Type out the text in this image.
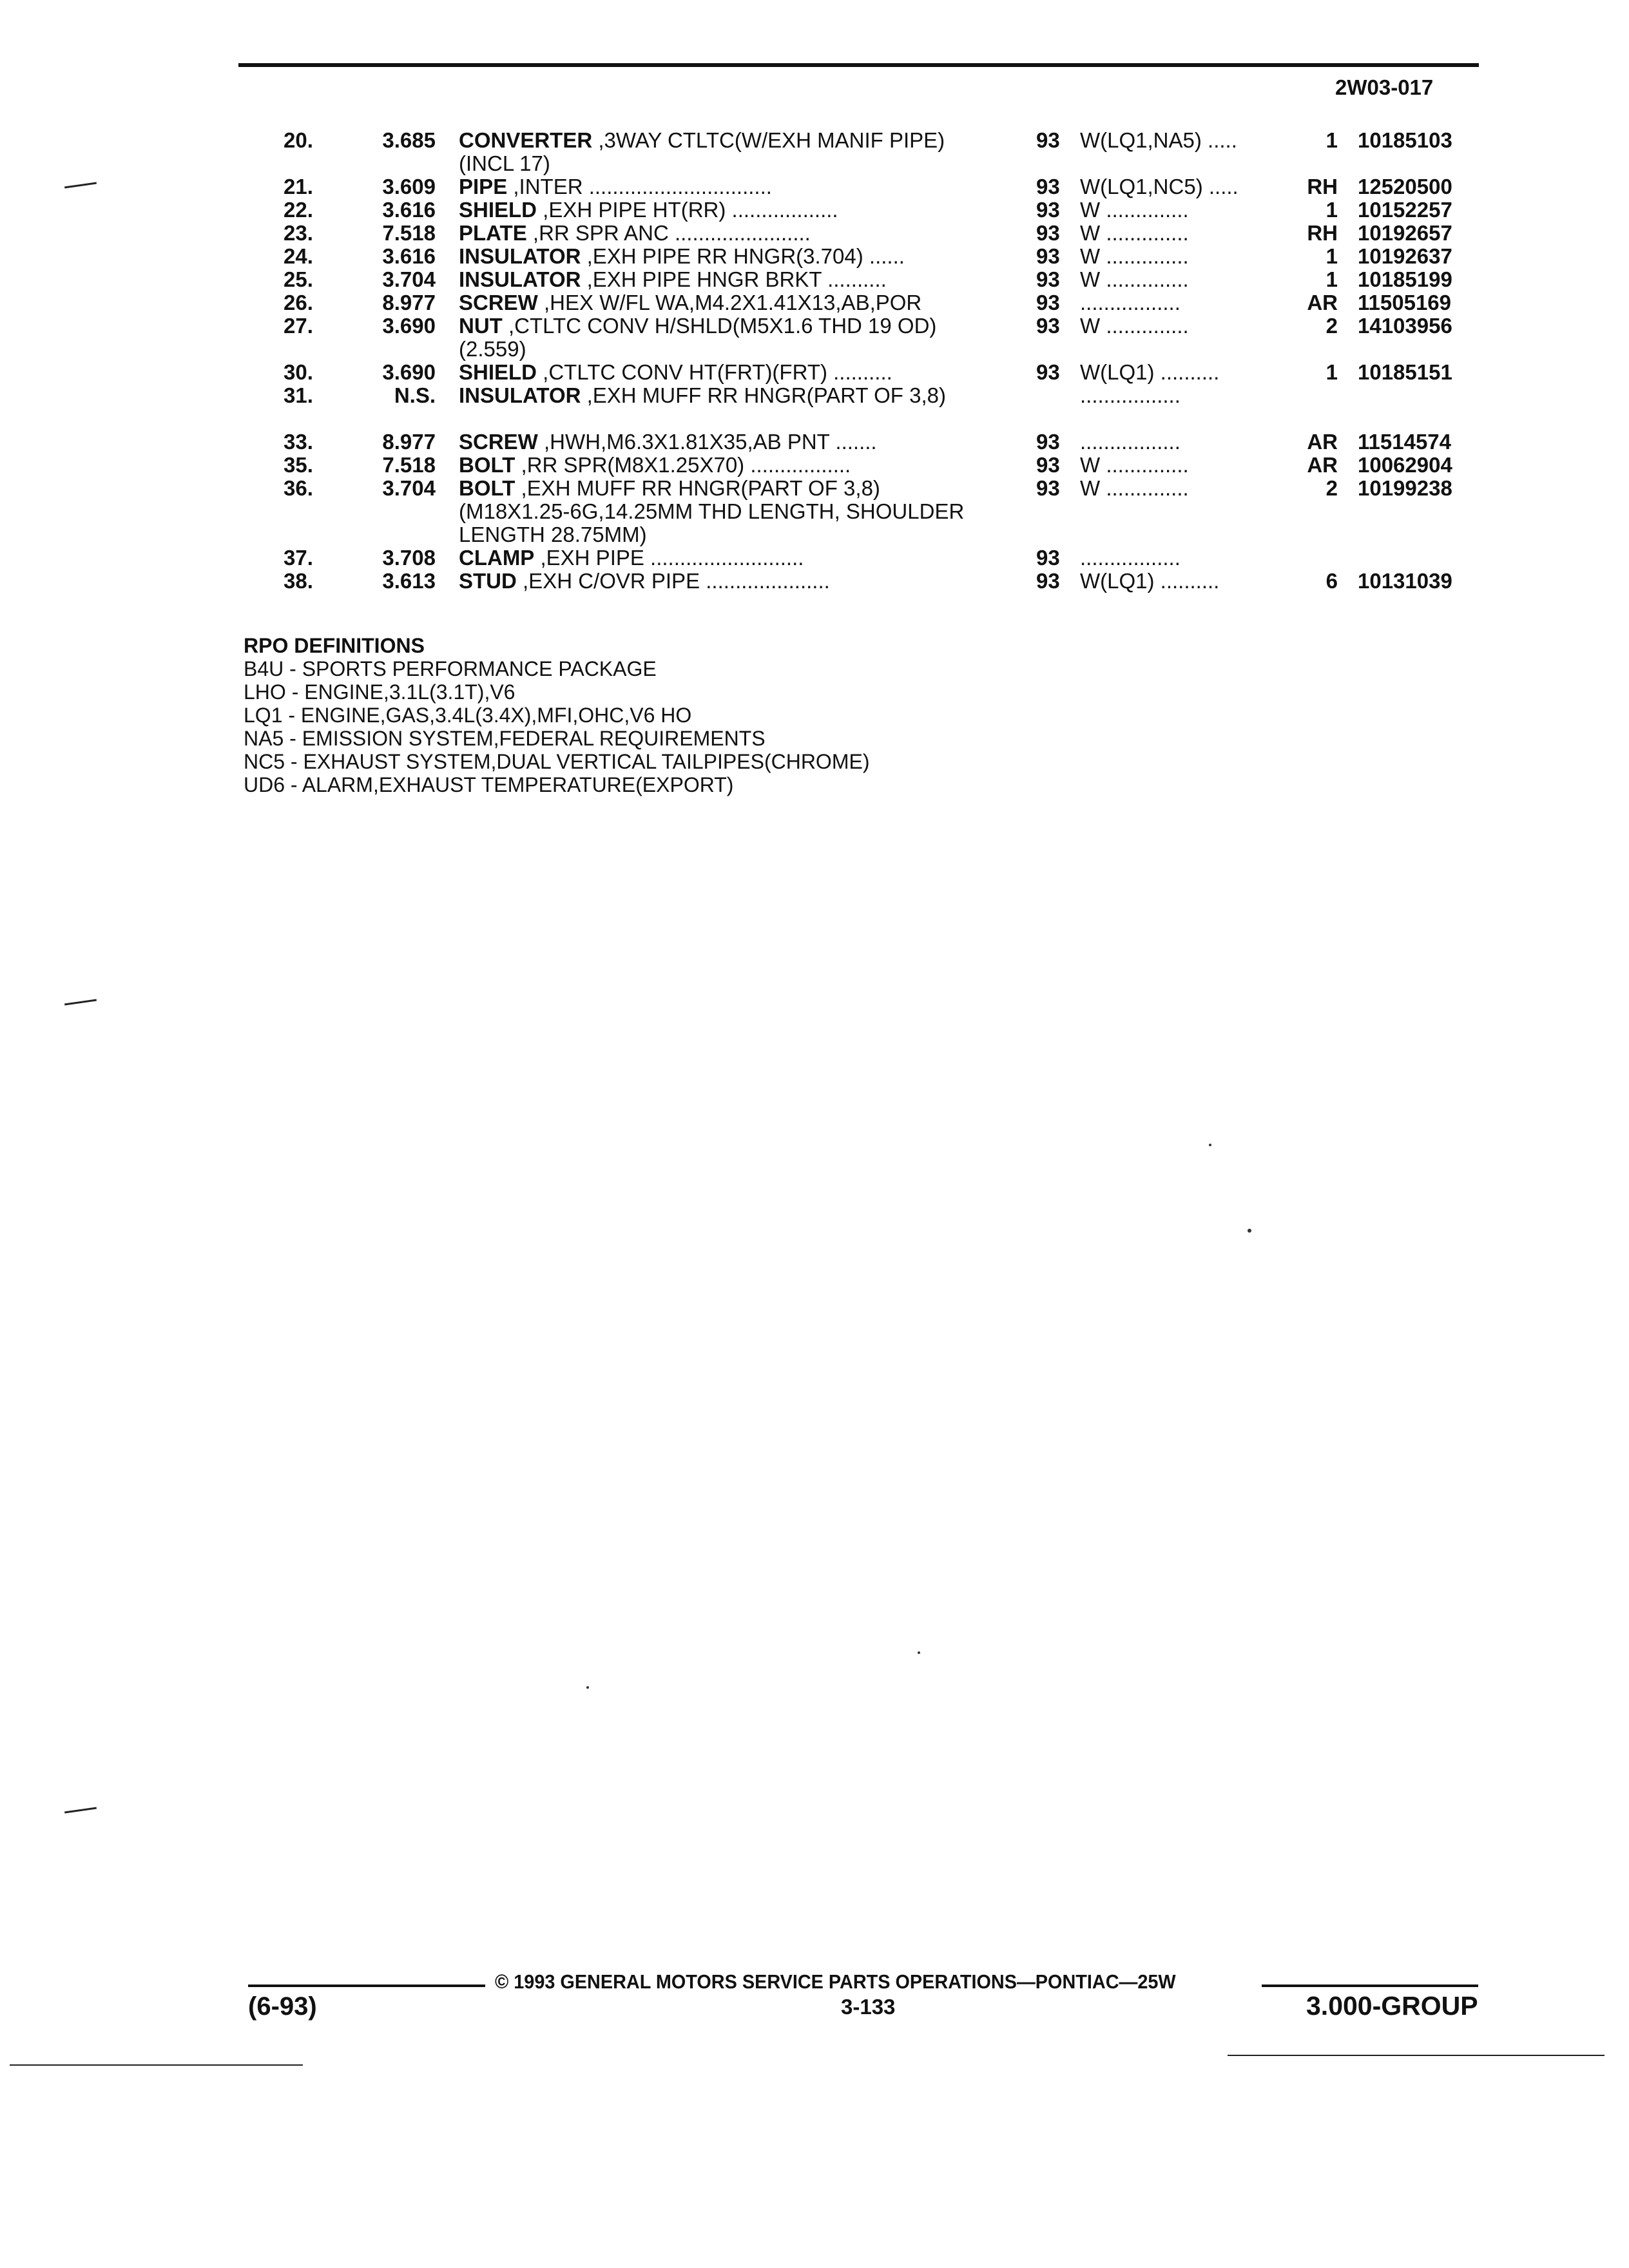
2W03-017
20.	3.685 CONVERTER ,3WAY CTLTC(W/EXH MANIF PIPE)(INCL 17)
93 W(LQ1,NA5) .....	1 10185103
21.	3.609 PIPE ,INTER ...............................	93 W(LQ1,NC5) .....	RH 12520500
22.	3.616 SHIELD ,EXH PIPE HT(RR) ..................	93 W ..............	1 10152257
23.	7.518 PLATE ,RR SPR ANC .......................	93 W ..............	RH 10192657
24.	3.616 INSULATOR ,EXH PIPE RR HNGR(3.704) ......	93 W ..............	1 10192637
25.	3.704 INSULATOR ,EXH PIPE HNGR BRKT ..........	93 W ..............	1 10185199
26.	8.977 SCREW ,HEX W/FL WA,M4.2X1.41X13,AB,POR	93 .................	AR 11505169
27.	3.690 NUT ,CTLTC CONV H/SHLD(M5X1.6 THD 19 OD)(2.559)
93 W ..............	2 14103956
30.	3.690 SHIELD ,CTLTC CONV HT(FRT)(FRT) ..........	93 W(LQ1) ..........	1 10185151
31.	N.S. INSULATOR ,EXH MUFF RR HNGR(PART OF 3,8)	.................
33.	8.977 SCREW ,HWH,M6.3X1.81X35,AB PNT .......	93 .................	AR 11514574
35.	7.518 BOLT ,RR SPR(M8X1.25X70) .................	93 W ..............	AR 10062904
36.	3.704 BOLT ,EXH MUFF RR HNGR(PART OF 3,8) (M18X1.25-6G,14.25MM THD LENGTH, SHOULDER LENGTH 28.75MM)
93 W ..............	2 10199238
37.	3.708 CLAMP ,EXH PIPE ..........................	93 .................
38.	3.613 STUD ,EXH C/OVR PIPE .....................	93 W(LQ1) ..........	6 10131039
RPO DEFINITIONS
B4U - SPORTS PERFORMANCE PACKAGE
LHO - ENGINE,3.1L(3.1T),V6
LQ1 - ENGINE,GAS,3.4L(3.4X),MFI,OHC,V6 HO
NA5 - EMISSION SYSTEM,FEDERAL REQUIREMENTS
NC5 - EXHAUST SYSTEM,DUAL VERTICAL TAILPIPES(CHROME)
UD6 - ALARM,EXHAUST TEMPERATURE(EXPORT)
© 1993 GENERAL MOTORS SERVICE PARTS OPERATIONS—PONTIAC—25W
(6-93)	3-133	3.000-GROUP
